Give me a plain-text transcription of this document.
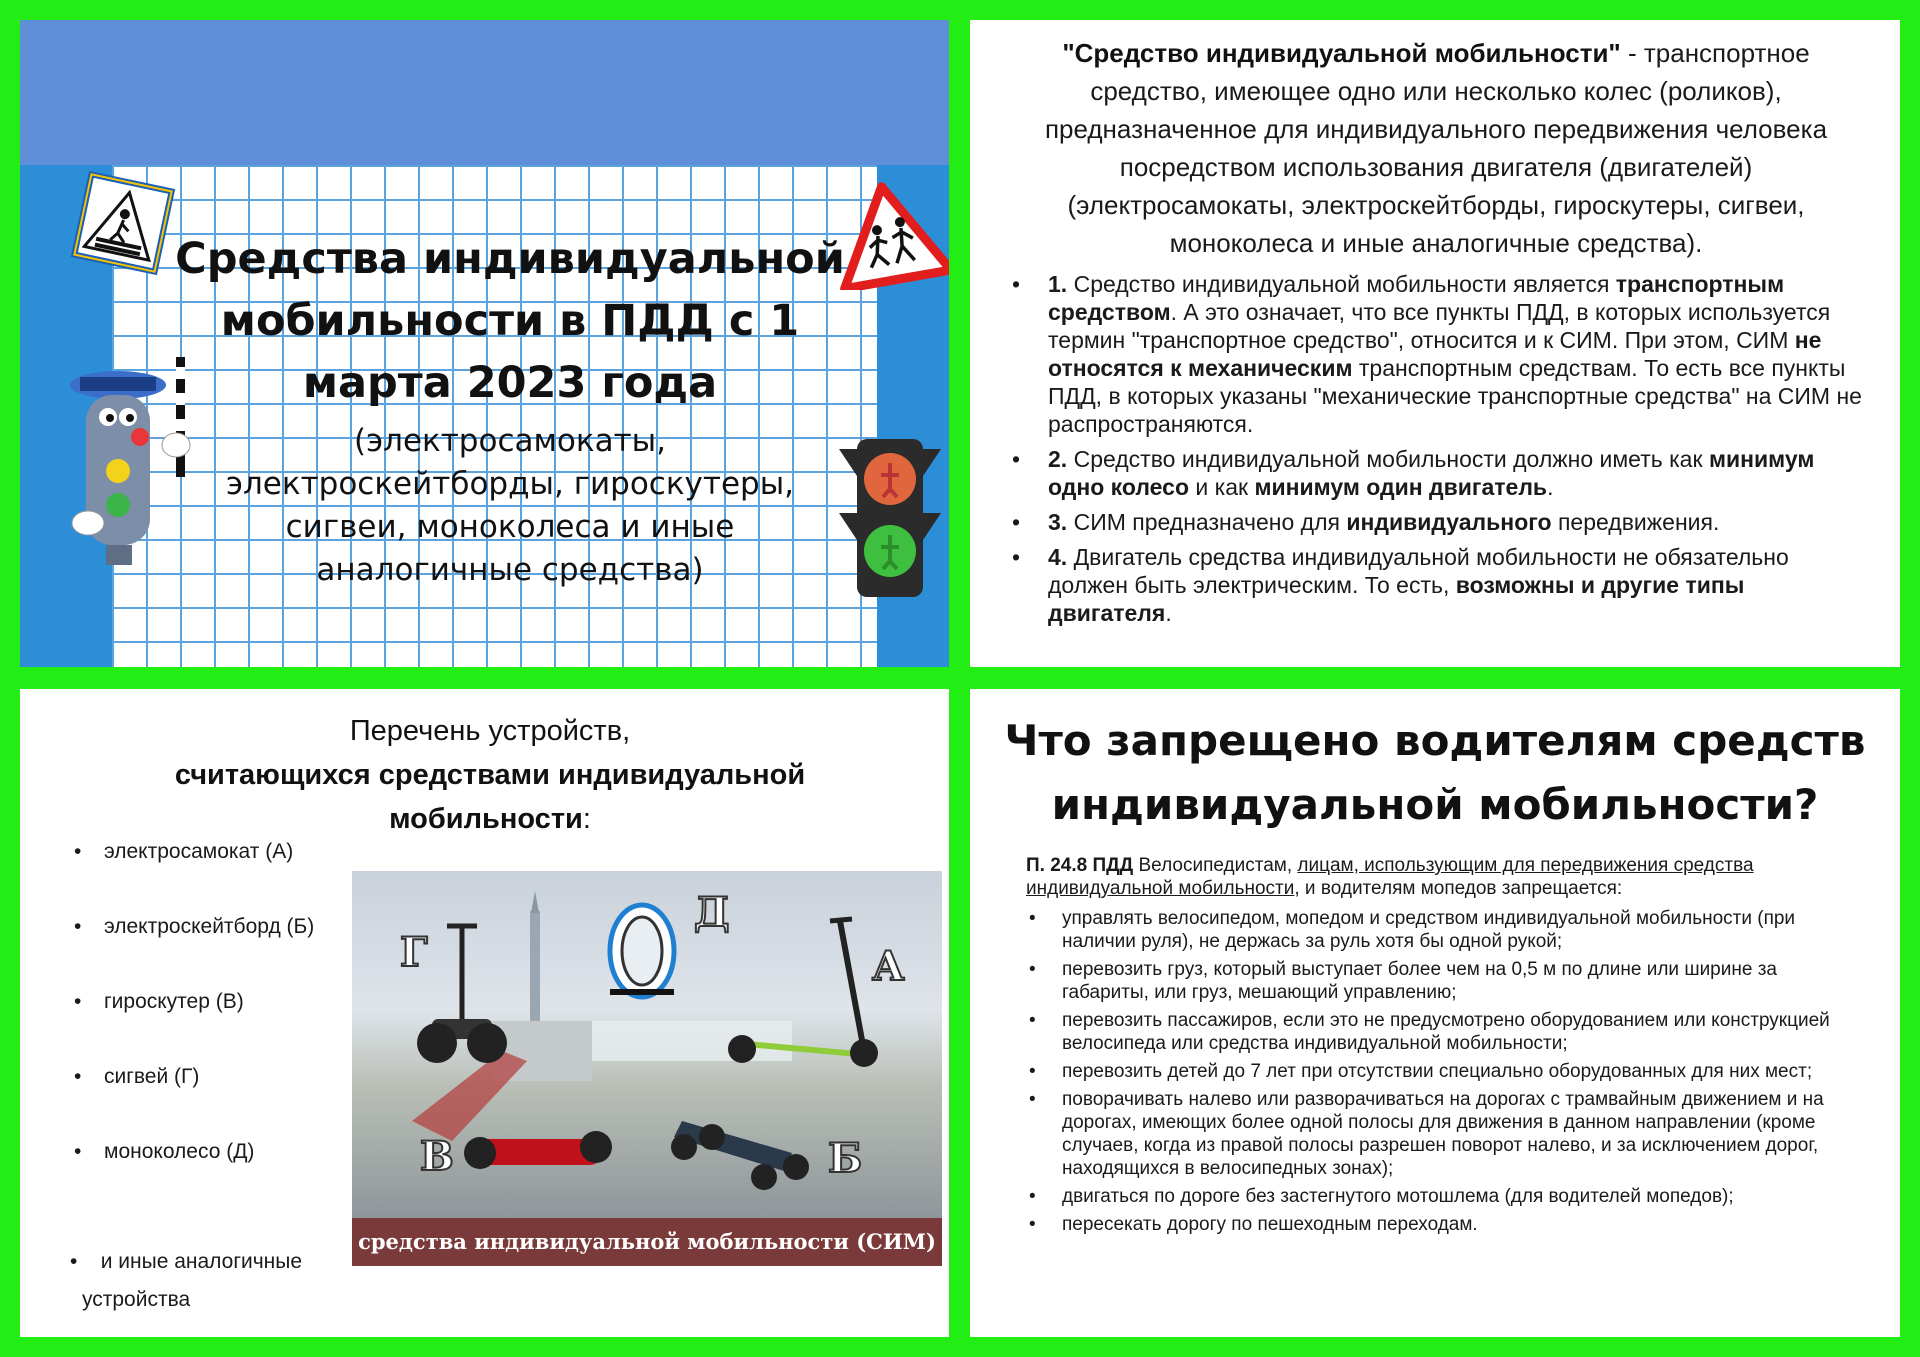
Средства индивидуальной мобильности в ПДД с 1 марта 2023 года
(электросамокаты, электроскейтборды, гироскутеры, сигвеи, моноколеса и иные аналогичные средства)
"Средство индивидуальной мобильности" - транспортное средство, имеющее одно или несколько колес (роликов), предназначенное для индивидуального передвижения человека посредством использования двигателя (двигателей) (электросамокаты, электроскейтборды, гироскутеры, сигвеи, моноколеса и иные аналогичные средства).
• 1. Средство индивидуальной мобильности является транспортным средством. А это означает, что все пункты ПДД, в которых используется термин "транспортное средство", относится и к СИМ. При этом, СИМ не относятся к механическим транспортным средствам. То есть все пункты ПДД, в которых указаны "механические транспортные средства" на СИМ не распространяются.
• 2. Средство индивидуальной мобильности должно иметь как минимум одно колесо и как минимум один двигатель.
• 3. СИМ предназначено для индивидуального передвижения.
• 4. Двигатель средства индивидуальной мобильности не обязательно должен быть электрическим. То есть, возможны и другие типы двигателя.
Перечень устройств,
считающихся средствами индивидуальной мобильности:
• электросамокат (А)
• электроскейтборд (Б)
• гироскутер (В)
• сигвей (Г)
• моноколесо (Д)
• и иные аналогичные
устройства
Г
Д
А
В	Б
средства индивидуальной мобильности (СИМ)
Что запрещено водителям средств индивидуальной мобильности?
П. 24.8 ПДД Велосипедистам, лицам, использующим для передвижения средства индивидуальной мобильности, и водителям мопедов запрещается:
• управлять велосипедом, мопедом и средством индивидуальной мобильности (при наличии руля), не держась за руль хотя бы одной рукой;
• перевозить груз, который выступает более чем на 0,5 м по длине или ширине за габариты, или груз, мешающий управлению;
• перевозить пассажиров, если это не предусмотрено оборудованием или конструкцией велосипеда или средства индивидуальной мобильности;
• перевозить детей до 7 лет при отсутствии специально оборудованных для них мест;
• поворачивать налево или разворачиваться на дорогах с трамвайным движением и на дорогах, имеющих более одной полосы для движения в данном направлении (кроме случаев, когда из правой полосы разрешен поворот налево, и за исключением дорог, находящихся в велосипедных зонах);
• двигаться по дороге без застегнутого мотошлема (для водителей мопедов);
• пересекать дорогу по пешеходным переходам.
